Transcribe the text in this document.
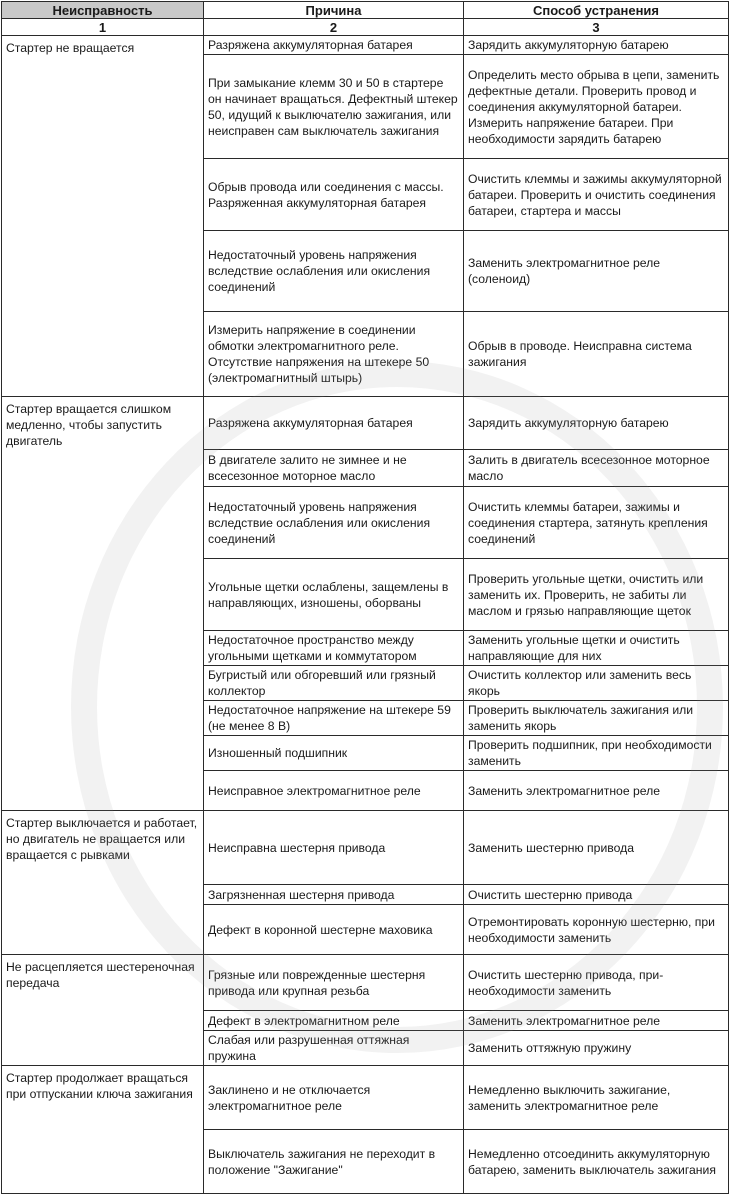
Неисправность	Причина	Способ устранения
1	2	3
Стартер не вращается	Разряжена аккумуляторная батарея	Зарядить аккумуляторную батарею
	При замыкание клемм 30 и 50 в стартере он начинает вращаться. Дефектный штекер 50, идущий к выключателю зажигания, или неисправен сам выключатель зажигания	Определить место обрыва в цепи, заменить дефектные детали. Проверить провод и соединения аккумуляторной батареи. Измерить напряжение батареи. При необходимости зарядить батарею
	Обрыв провода или соединения с массы. Разряженная аккумуляторная батарея	Очистить клеммы и зажимы аккумуляторной батареи. Проверить и очистить соединения батареи, стартера и массы
	Недостаточный уровень напряжения вследствие ослабления или окисления соединений	Заменить электромагнитное реле (соленоид)
	Измерить напряжение в соединении обмотки электромагнитного реле. Отсутствие напряжения на штекере 50 (электромагнитный штырь)	Обрыв в проводе. Неисправна система зажигания
Стартер вращается слишком медленно, чтобы запустить двигатель	Разряжена аккумуляторная батарея	Зарядить аккумуляторную батарею
	В двигателе залито не зимнее и не всесезонное моторное масло	Залить в двигатель всесезонное моторное масло
	Недостаточный уровень напряжения вследствие ослабления или окисления соединений	Очистить клеммы батареи, зажимы и соединения стартера, затянуть крепления соединений
	Угольные щетки ослаблены, защемлены в направляющих, изношены, оборваны	Проверить угольные щетки, очистить или заменить их. Проверить, не забиты ли маслом и грязью направляющие щеток
	Недостаточное пространство между угольными щетками и коммутатором	Заменить угольные щетки и очистить направляющие для них
	Бугристый или обгоревший или грязный коллектор	Очистить коллектор или заменить весь якорь
	Недостаточное напряжение на штекере 59 (не менее 8 В)	Проверить выключатель зажигания или заменить якорь
	Изношенный подшипник	Проверить подшипник, при необходимости заменить
	Неисправное электромагнитное реле	Заменить электромагнитное реле
Стартер выключается и работает, но двигатель не вращается или вращается с рывками	Неисправна шестерня привода	Заменить шестерню привода
	Загрязненная шестерня привода	Очистить шестерню привода
	Дефект в коронной шестерне маховика	Отремонтировать коронную шестерню, при необходимости заменить
Не расцепляется шестереночная передача	Грязные или поврежденные шестерня привода или крупная резьба	Очистить шестерню привода, при-необходимости заменить
	Дефект в электромагнитном реле	Заменить электромагнитное реле
	Слабая или разрушенная оттяжная пружина	Заменить оттяжную пружину
Стартер продолжает вращаться при отпускании ключа зажигания	Заклинено и не отключается электромагнитное реле	Немедленно выключить зажигание, заменить электромагнитное реле
	Выключатель зажигания не переходит в положение "Зажигание"	Немедленно отсоединить аккумуляторную батарею, заменить выключатель зажигания
